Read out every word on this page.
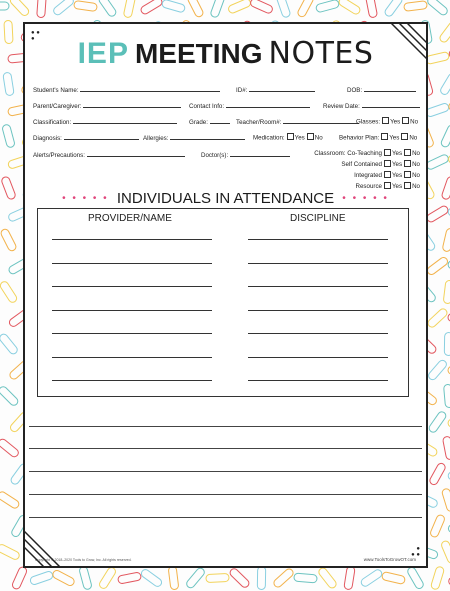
● ●
●
●
● ●
IEP MEETING NOTES
Student's Name:	ID#:	DOB:
Parent/Caregiver:	Contact Info:	Review Date:
Classification:	Grade:	Teacher/Room#:	Glasses: Yes No
Diagnosis:	Allergies:	Medication: Yes No	Behavior Plan: Yes No
Alerts/Precautions:	Doctor(s):	Classroom: Co-Teaching Yes No
Self Contained Yes No
Integrated Yes No
Resource Yes No
• • • • • INDIVIDUALS IN ATTENDANCE • • • • •
PROVIDER/NAME	DISCIPLINE
Copyright © 2018–2020 Tools to Grow, Inc. All rights reserved.	www.ToolsToGrowOT.com
